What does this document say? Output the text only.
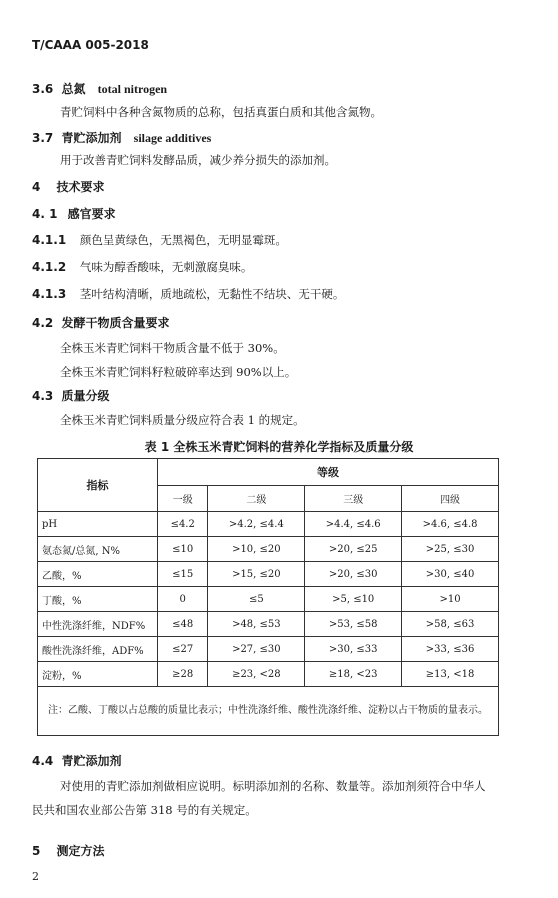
T/CAAA 005-2018
3.6 总氮 total nitrogen
青贮饲料中各种含氮物质的总称，包括真蛋白质和其他含氮物。
3.7 青贮添加剂 silage additives
用于改善青贮饲料发酵品质，减少养分损失的添加剂。
4 技术要求
4. 1 感官要求
4.1.1 颜色呈黄绿色，无黑褐色，无明显霉斑。
4.1.2 气味为醇香酸味，无刺激腐臭味。
4.1.3 茎叶结构清晰，质地疏松，无黏性不结块、无干硬。
4.2 发酵干物质含量要求
全株玉米青贮饲料干物质含量不低于 30%。
全株玉米青贮饲料籽粒破碎率达到 90%以上。
4.3 质量分级
全株玉米青贮饲料质量分级应符合表 1 的规定。
表 1 全株玉米青贮饲料的营养化学指标及质量分级
指标	等级			
	一级	二级	三级	四级
pH	≤4.2	>4.2, ≤4.4	>4.4, ≤4.6	>4.6, ≤4.8
氨态氮/总氮, N%	≤10	>10, ≤20	>20, ≤25	>25, ≤30
乙酸，%	≤15	>15, ≤20	>20, ≤30	>30, ≤40
丁酸，%	0	≤5	>5, ≤10	>10
中性洗涤纤维，NDF%	≤48	>48, ≤53	>53, ≤58	>58, ≤63
酸性洗涤纤维，ADF%	≤27	>27, ≤30	>30, ≤33	>33, ≤36
淀粉，%	≥28	≥23, <28	≥18, <23	≥13, <18
注：乙酸、丁酸以占总酸的质量比表示；中性洗涤纤维、酸性洗涤纤维、淀粉以占干物质的量表示。				
4.4 青贮添加剂
对使用的青贮添加剂做相应说明。标明添加剂的名称、数量等。添加剂须符合中华人
民共和国农业部公告第 318 号的有关规定。
5 测定方法
2
